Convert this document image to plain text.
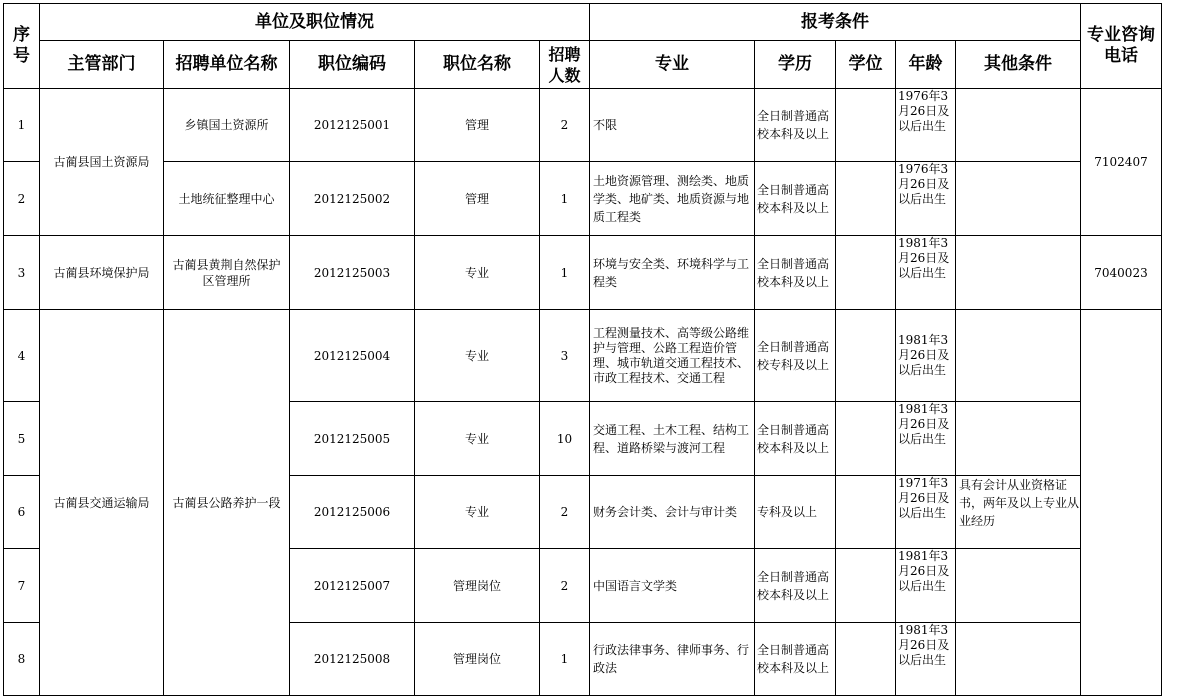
序号	单位及职位情况					报考条件					专业咨询电话

	主管部门	招聘单位名称	职位编码	职位名称	招聘人数	专业	学历	学位	年龄	其他条件	
1	古蔺县国土资源局	乡镇国土资源所	2012125001	管理	2	不限	全日制普通高校本科及以上		1976年3月26日及以后出生		7102407
2		土地统征整理中心	2012125002	管理	1	土地资源管理、测绘类、地质学类、地矿类、地质资源与地质工程类	全日制普通高校本科及以上		1976年3月26日及以后出生		
3	古蔺县环境保护局	古蔺县黄荆自然保护区管理所	2012125003	专业	1	环境与安全类、环境科学与工程类	全日制普通高校本科及以上		1981年3月26日及以后出生		7040023
4	古蔺县交通运输局	古蔺县公路养护一段	2012125004	专业	3	工程测量技术、高等级公路维护与管理、公路工程造价管理、城市轨道交通工程技术、市政工程技术、交通工程	全日制普通高校专科及以上		1981年3月26日及以后出生		
5			2012125005	专业	10	交通工程、土木工程、结构工程、道路桥梁与渡河工程	全日制普通高校本科及以上		1981年3月26日及以后出生		
6			2012125006	专业	2	财务会计类、会计与审计类	专科及以上		1971年3月26日及以后出生	具有会计从业资格证书，两年及以上专业从业经历	
7			2012125007	管理岗位	2	中国语言文学类	全日制普通高校本科及以上		1981年3月26日及以后出生		
8			2012125008	管理岗位	1	行政法律事务、律师事务、行政法	全日制普通高校本科及以上		1981年3月26日及以后出生		
